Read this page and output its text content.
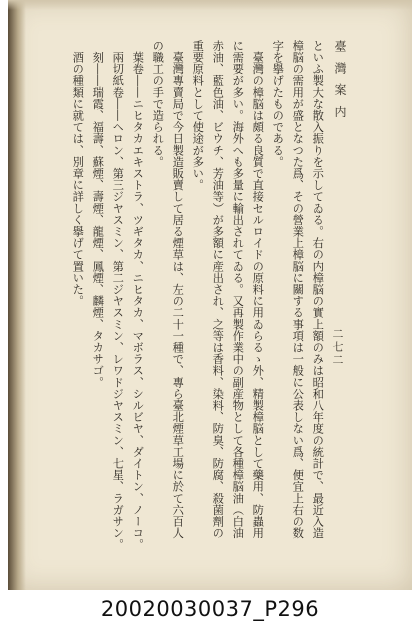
臺 灣 案 内
二七二
といふ製大な散入振りを示してゐる。右の内樟脳の實上額のみは昭和八年度の統計で、最近入造
樟脳の需用が盛となつた爲、その營業上樟脳に關する事項は一般に公表しない爲、便宜上右の数
字を擧げたものである。
　臺灣の樟脳は頗る良質で直接セルロイドの原料に用ゐらるゝ外、精製樟脳として藥用、防蟲用
に需要が多い。海外へも多量に輸出されてゐる。又再製作業中の副産物として各種樟脳油（白油
赤油、藍色油、ビウチ、芳油等）が多額に産出され、之等は香料、染料、防臭、防腐、殺菌劑の
重要原料として使途が多い。
　臺灣專賣局で今日製造販賣して居る煙草は、左の二十一種で、專ら臺北煙草工場に於て六百人
の職工の手で造られる。
　葉卷――ニヒタカエキストラ、ツギタカ、ニヒタカ、マボラス、シルビヤ、ダイトン、ノーコ。
　兩切紙卷――ヘロン、第三ジヤスミン、第二ジヤスミン、レワドジヤスミン、七星、ラガサン。
　刻――瑞霞、福壽、蘇煙、壽煙、龍煙、鳳煙、麟煙、タカサゴ。
　酒の種類に就ては、別章に詳しく擧げて置いた。
20020030037_P296
